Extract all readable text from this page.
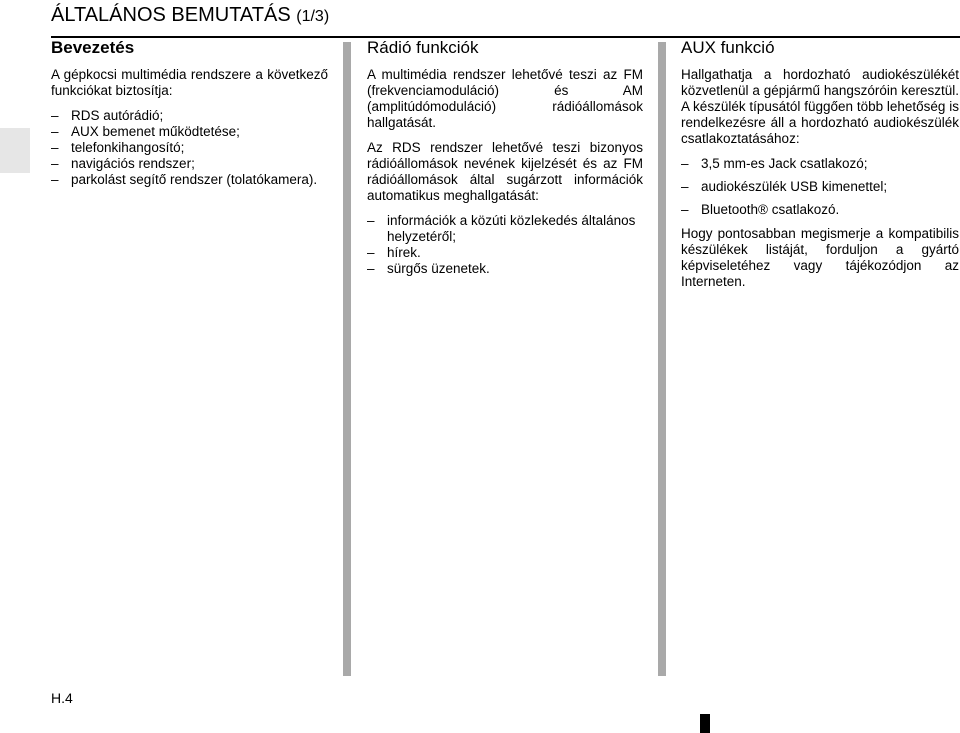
ÁLTALÁNOS BEMUTATÁS (1/3)
Bevezetés

A gépkocsi multimédia rendszere a következő funkciókat biztosítja:

– RDS autórádió;
– AUX bemenet működtetése;
– telefonkihangosító;
– navigációs rendszer;
– parkolást segítő rendszer (tolatókamera).
Rádió funkciók

A multimédia rendszer lehetővé teszi az FM (frekvenciamoduláció) és AM (amplitúdómoduláció) rádióállomások hallgatását.

Az RDS rendszer lehetővé teszi bizonyos rádióállomások nevének kijelzését és az FM rádióállomások által sugárzott információk automatikus meghallgatását:

– információk a közúti közlekedés általános helyzetéről;
– hírek.
– sürgős üzenetek.
AUX funkció

Hallgathatja a hordozható audiokészülékét közvetlenül a gépjármű hangszóróin keresztül. A készülék típusától függően több lehetőség is rendelkezésre áll a hordozható audiokészülék csatlakoztatásához:

– 3,5 mm-es Jack csatlakozó;
– audiokészülék USB kimenettel;
– Bluetooth® csatlakozó.

Hogy pontosabban megismerje a kompatibilis készülékek listáját, forduljon a gyártó képviseletéhez vagy tájékozódjon az Interneten.

H.4
